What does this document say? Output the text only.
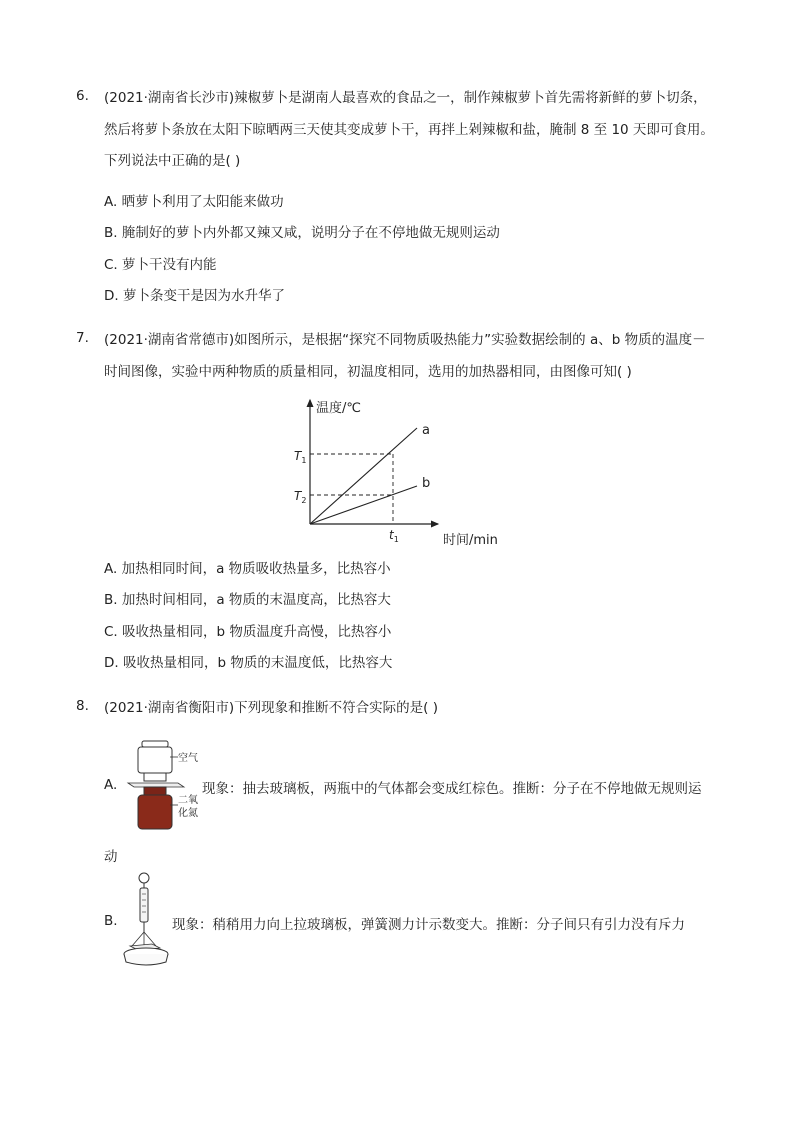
6. (2021·湖南省长沙市)辣椒萝卜是湖南人最喜欢的食品之一，制作辣椒萝卜首先需将新鲜的萝卜切条，
然后将萝卜条放在太阳下晾晒两三天使其变成萝卜干，再拌上剁辣椒和盐，腌制 8 至 10 天即可食用。
下列说法中正确的是( )
A. 晒萝卜利用了太阳能来做功
B. 腌制好的萝卜内外都又辣又咸，说明分子在不停地做无规则运动
C. 萝卜干没有内能
D. 萝卜条变干是因为水升华了
7. (2021·湖南省常德市)如图所示，是根据“探究不同物质吸热能力”实验数据绘制的 a、b 物质的温度－
时间图像，实验中两种物质的质量相同，初温度相同，选用的加热器相同，由图像可知( )
温度/℃
时间/min
a
b
$T_1$
$T_2$
$t_1$
A. 加热相同时间，a 物质吸收热量多，比热容小
B. 加热时间相同，a 物质的末温度高，比热容大
C. 吸收热量相同，b 物质温度升高慢，比热容小
D. 吸收热量相同，b 物质的末温度低，比热容大
8. (2021·湖南省衡阳市)下列现象和推断不符合实际的是( )
A.
空气
二氧
化氮
现象：抽去玻璃板，两瓶中的气体都会变成红棕色。推断：分子在不停地做无规则运
动
B.	现象：稍稍用力向上拉玻璃板，弹簧测力计示数变大。推断：分子间只有引力没有斥力
